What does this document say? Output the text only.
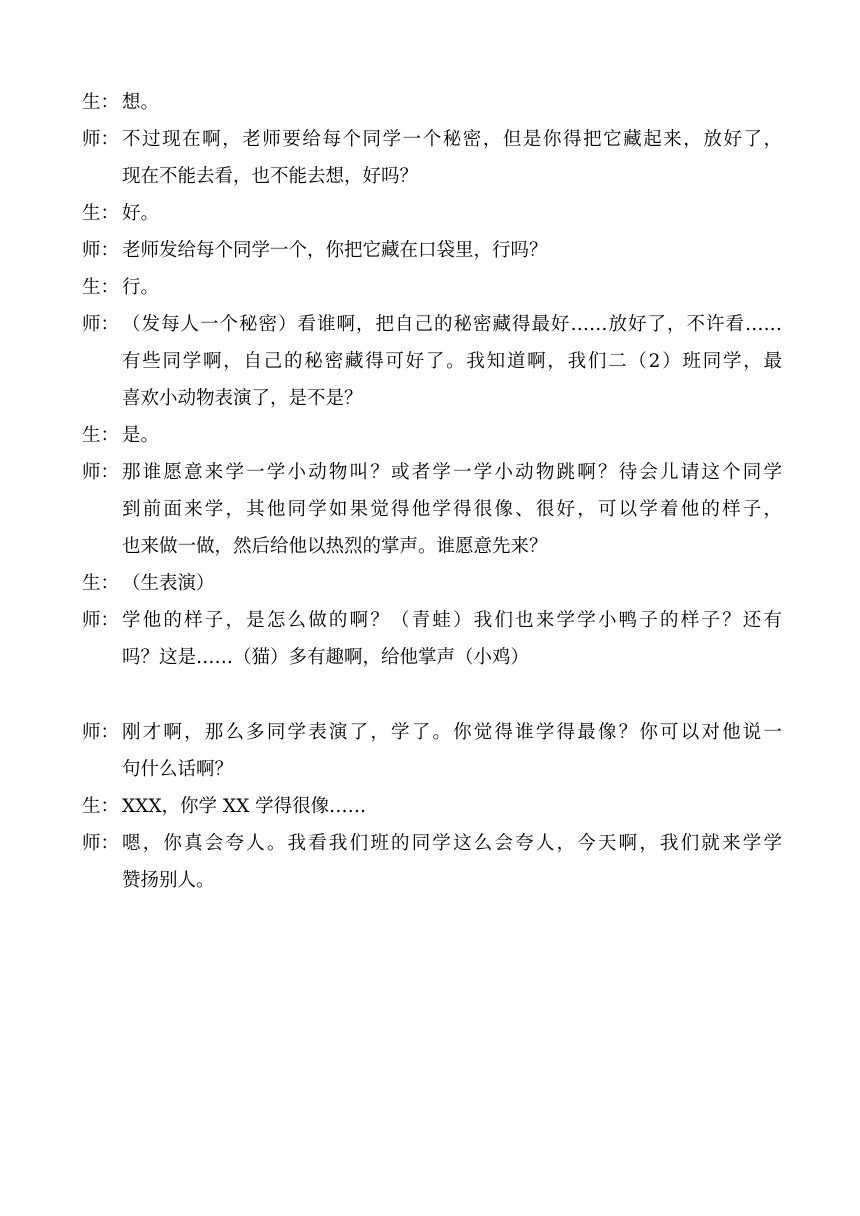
生： 想。
师： 不过现在啊，老师要给每个同学一个秘密，但是你得把它藏起来，放好了，
现在不能去看，也不能去想，好吗？
生： 好。
师： 老师发给每个同学一个，你把它藏在口袋里，行吗？
生： 行。
师： （发每人一个秘密）看谁啊，把自己的秘密藏得最好……放好了，不许看……
有些同学啊，自己的秘密藏得可好了。我知道啊，我们二（2）班同学，最
喜欢小动物表演了，是不是？
生： 是。
师： 那谁愿意来学一学小动物叫？或者学一学小动物跳啊？待会儿请这个同学
到前面来学，其他同学如果觉得他学得很像、很好，可以学着他的样子，
也来做一做，然后给他以热烈的掌声。谁愿意先来？
生： （生表演）
师： 学他的样子，是怎么做的啊？（青蛙）我们也来学学小鸭子的样子？还有
吗？这是……（猫）多有趣啊，给他掌声（小鸡）
师： 刚才啊，那么多同学表演了，学了。你觉得谁学得最像？你可以对他说一
句什么话啊？
生： XXX，你学 XX 学得很像……
师： 嗯，你真会夸人。我看我们班的同学这么会夸人，今天啊，我们就来学学
赞扬别人。
